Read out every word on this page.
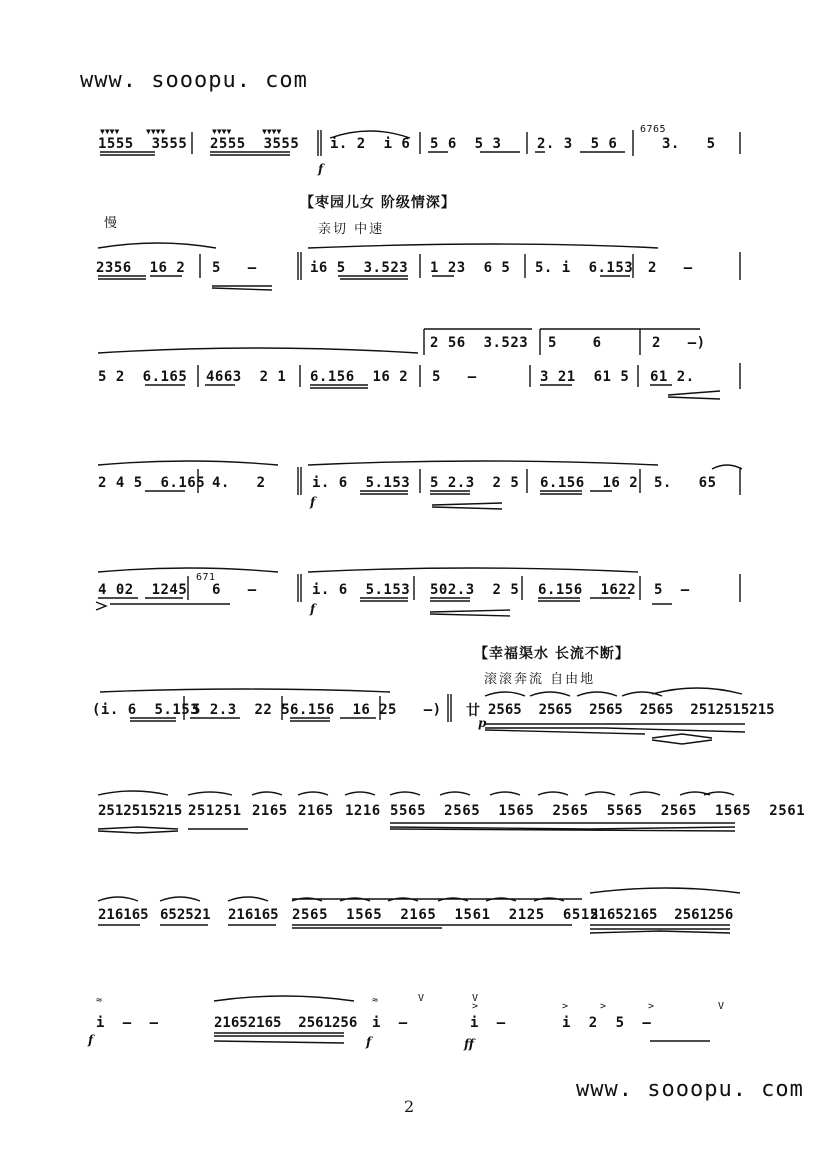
www. sooopu. com
▼▼▼▼	▼▼▼▼	▼▼▼▼	▼▼▼▼
1555  3555 2555  3555 i. 2  i 6 5 6  5 3	2. 3  5 6	3.   5
6765
f
【枣园儿女 阶级情深】
亲切 中速
慢
2356  16 2 5   –	i6 5  3.523 1 23  6 5 5. i  6.153 2   –
2 56  3.523 5    6	2   –)
5 2  6.165 4663  2 1 6.156  16 2 5   –	3 21  61 5 61 2.
2 4 5  6.165 4.   2	i. 6  5.153 5 2.3  2 5 6.156  16 2 5.   65
f
4 02  1245 6   –
671
i. 6  5.153 502.3  2 5 6.156  1622 5  –
f
【幸福渠水 长流不断】
滚滚奔流 自由地
(i. 6  5.153
5 2.3  22 5 6.156  16 2 5   –) 廿 2565  2565  2565  2565  2512515215
p
2512515215 251251 2165 2165 1216 5565  2565  1565  2565  5565  2565  1565  2561
216165 652521 216165 2565  1565  2165  1561  2125  6515
21652165  2561256
≈
≈	V	V
V
>	>	>	>
i  –  –	21652165  2561256 i  –	i  –	i  2  5  –
f	f	ff
2
www. sooopu. com
